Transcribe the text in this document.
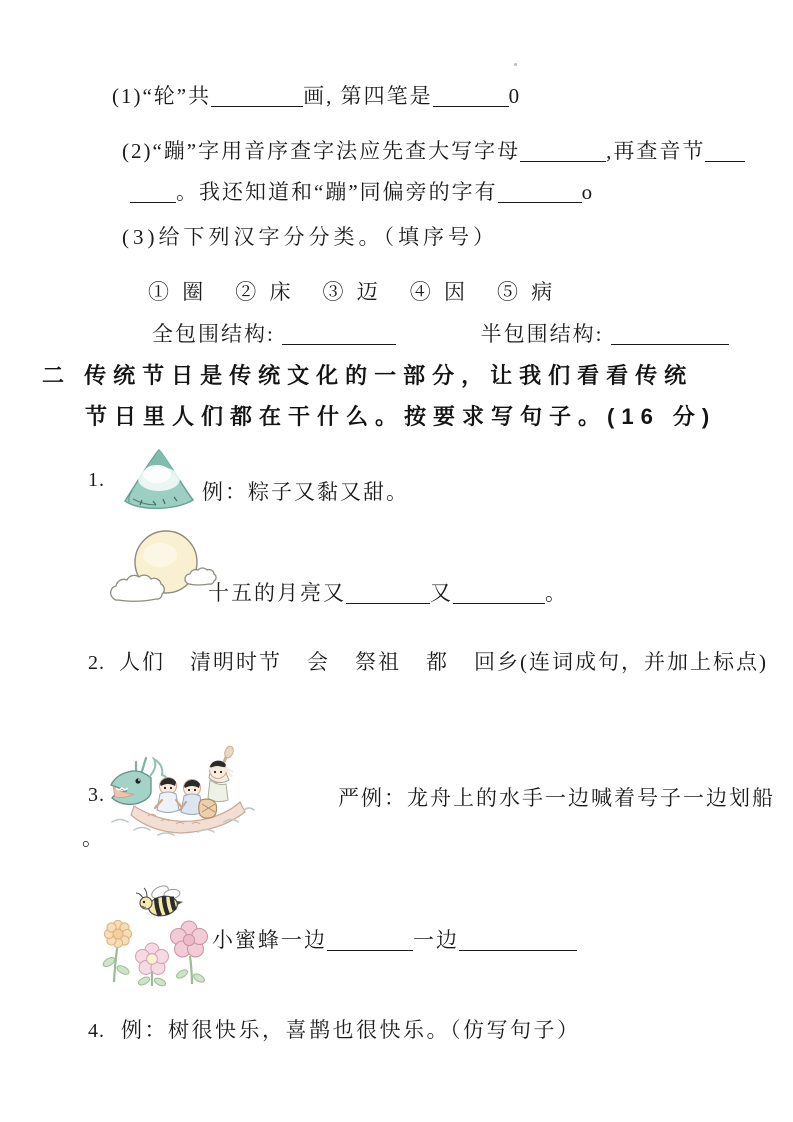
(1)“轮”共	画, 第四笔是	0
(2)“蹦”字用音序查字法应先查大写字母	,再查音节
。我还知道和“蹦”同偏旁的字有	o
(3)给下列汉字分分类。（填序号）
① 圈 ② 床 ③ 迈 ④ 因 ⑤ 病
全包围结构:	半包围结构:
二 传统节日是传统文化的一部分，让我们看看传统
节日里人们都在干什么。按要求写句子。(16 分)
1.	例：粽子又黏又甜。
十五的月亮又	又	。
2. 人们 清明时节 会 祭祖 都 回乡(连词成句，并加上标点)
3.	严例：龙舟上的水手一边喊着号子一边划船
。
小蜜蜂一边	一边
4. 例：树很快乐，喜鹊也很快乐。（仿写句子）
